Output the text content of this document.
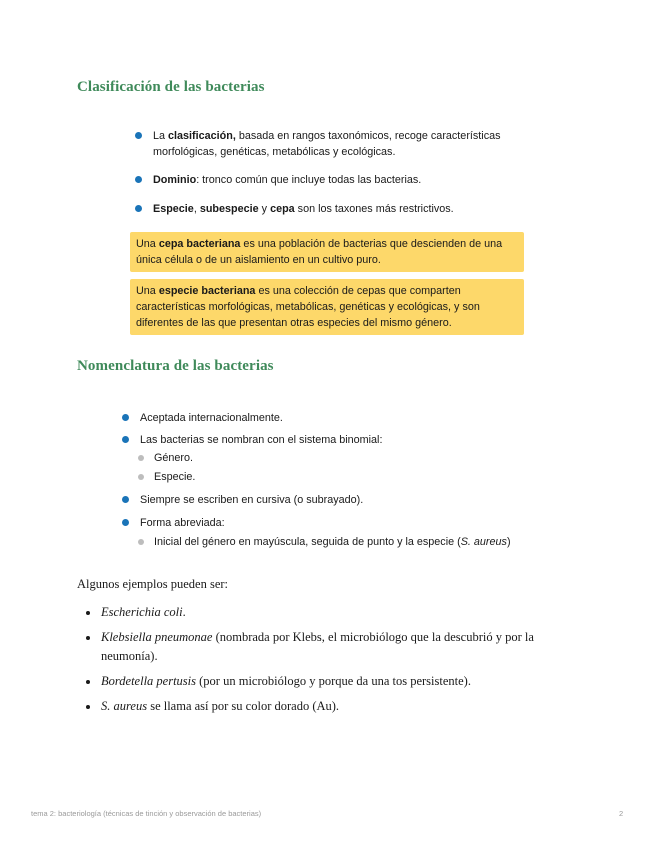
Clasificación de las bacterias
La clasificación, basada en rangos taxonómicos, recoge características morfológicas, genéticas, metabólicas y ecológicas.
Dominio: tronco común que incluye todas las bacterias.
Especie, subespecie y cepa son los taxones más restrictivos.
Una cepa bacteriana es una población de bacterias que descienden de una única célula o de un aislamiento en un cultivo puro.
Una especie bacteriana es una colección de cepas que comparten características morfológicas, metabólicas, genéticas y ecológicas, y son diferentes de las que presentan otras especies del mismo género.
Nomenclatura de las bacterias
Aceptada internacionalmente.
Las bacterias se nombran con el sistema binomial:
Género.
Especie.
Siempre se escriben en cursiva (o subrayado).
Forma abreviada:
Inicial del género en mayúscula, seguida de punto y la especie (S. aureus)
Algunos ejemplos pueden ser:
Escherichia coli.
Klebsiella pneumonae (nombrada por Klebs, el microbiólogo que la descubrió y por la neumonía).
Bordetella pertusis (por un microbiólogo y porque da una tos persistente).
S. aureus se llama así por su color dorado (Au).
tema 2: bacteriología (técnicas de tinción y observación de bacterias)	2
